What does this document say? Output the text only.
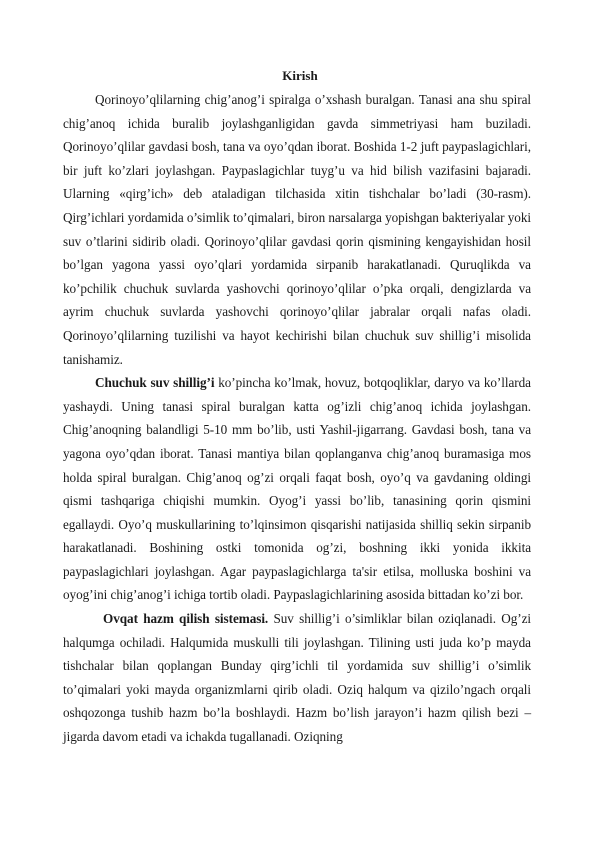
Kirish

Qorinoyo’qlilarning chig’anog’i spiralga o’xshash buralgan. Tanasi ana shu spiral chig’anoq ichida buralib joylashganligidan gavda simmetriyasi ham buziladi. Qorinoyo’qlilar gavdasi bosh, tana va oyo’qdan iborat. Boshida 1-2 juft paypaslagichlari, bir juft ko’zlari joylashgan. Paypaslagichlar tuyg’u va hid bilish vazifasini bajaradi. Ularning «qirg’ich» deb ataladigan tilchasida xitin tishchalar bo’ladi (30-rasm). Qirg’ichlari yordamida o’simlik to’qimalari, biron narsalarga yopishgan bakteriyalar yoki suv o’tlarini sidirib oladi. Qorinoyo’qlilar gavdasi qorin qismining kengayishidan hosil bo’lgan yagona yassi oyo’qlari yordamida sirpanib harakatlanadi. Quruqlikda va ko’pchilik chuchuk suvlarda yashovchi qorinoyo’qlilar o’pka orqali, dengizlarda va ayrim chuchuk suvlarda yashovchi qorinoyo’qlilar jabralar orqali nafas oladi. Qorinoyo’qlilarning tuzilishi va hayot kechirishi bilan chuchuk suv shillig’i misolida tanishamiz.

Chuchuk suv shillig’i ko’pincha ko’lmak, hovuz, botqoqliklar, daryo va ko’llarda yashaydi. Uning tanasi spiral buralgan katta og’izli chig’anoq ichida joylashgan. Chig’anoqning balandligi 5-10 mm bo’lib, usti Yashil-jigarrang. Gavdasi bosh, tana va yagona oyo’qdan iborat. Tanasi mantiya bilan qoplanganva chig’anoq buramasiga mos holda spiral buralgan. Chig’anoq og’zi orqali faqat bosh, oyo’q va gavdaning oldingi qismi tashqariga chiqishi mumkin. Oyog’i yassi bo’lib, tanasining qorin qismini egallaydi. Oyo’q muskullarining to’lqinsimon qisqarishi natijasida shilliq sekin sirpanib harakatlanadi. Boshining ostki tomonida og’zi, boshning ikki yonida ikkita paypaslagichlari joylashgan. Agar paypaslagichlarga ta'sir etilsa, molluska boshini va oyog’ini chig’anog’i ichiga tortib oladi. Paypaslagichlarining asosida bittadan ko’zi bor.

Ovqat hazm qilish sistemasi. Suv shillig’i o’simliklar bilan oziqlanadi. Og’zi halqumga ochiladi. Halqumida muskulli tili joylashgan. Tilining usti juda ko’p mayda tishchalar bilan qoplangan Bunday qirg’ichli til yordamida suv shillig’i o’simlik to’qimalari yoki mayda organizmlarni qirib oladi. Oziq halqum va qizilo’ngach orqali oshqozonga tushib hazm bo’la boshlaydi. Hazm bo’lish jarayon’i hazm qilish bezi – jigarda davom etadi va ichakda tugallanadi. Oziqning
